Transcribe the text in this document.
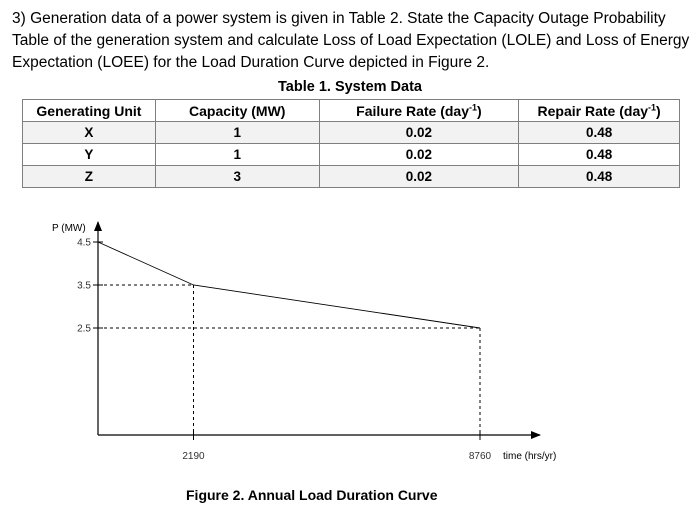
3) Generation data of a power system is given in Table 2. State the Capacity Outage Probability Table of the generation system and calculate Loss of Load Expectation (LOLE) and Loss of Energy Expectation (LOEE) for the Load Duration Curve depicted in Figure 2.

Table 1. System Data
Generating Unit	Capacity (MW)	Failure Rate (day$^{-1}$)	Repair Rate (day$^{-1}$)
X	1	0.02	0.48
Y	1	0.02	0.48
Z	3	0.02	0.48
P (MW)
time (hrs/yr)
4.5
3.5
2.5
2190	8760
Figure 2. Annual Load Duration Curve
